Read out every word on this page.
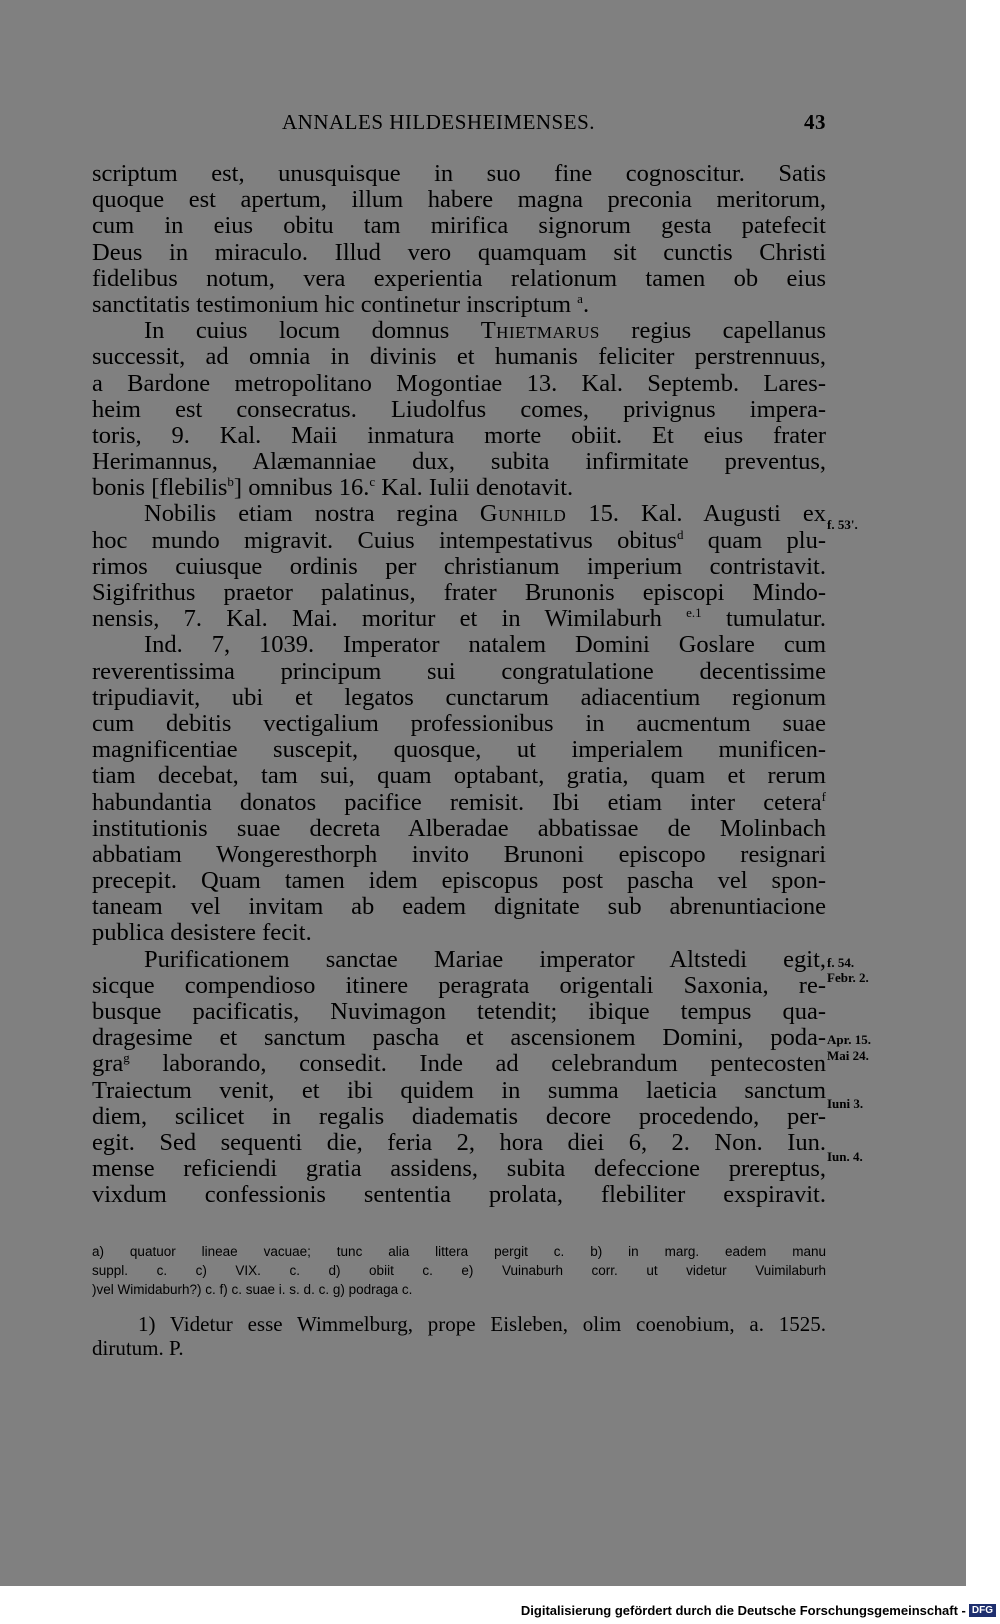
ANNALES HILDESHEIMENSES.	43
scriptum est, unusquisque in suo fine cognoscitur. Satis
quoque est apertum, illum habere magna preconia meritorum,
cum in eius obitu tam mirifica signorum gesta patefecit
Deus in miraculo. Illud vero quamquam sit cunctis Christi
fidelibus notum, vera experientia relationum tamen ob eius
sanctitatis testimonium hic continetur inscriptum $^a$.
In cuius locum domnus Thietmarus regius capellanus
successit, ad omnia in divinis et humanis feliciter perstrennuus,
a Bardone metropolitano Mogontiae 13. Kal. Septemb. Lares-
heim est consecratus. Liudolfus comes, privignus impera-
toris, 9. Kal. Maii inmatura morte obiit. Et eius frater
Herimannus, Alæmanniae dux, subita infirmitate preventus,
bonis [flebilis$^b$] omnibus 16.$^c$ Kal. Iulii denotavit.
Nobilis etiam nostra regina Gunhild 15. Kal. Augusti ex
hoc mundo migravit. Cuius intempestativus obitus$^d$ quam plu-
rimos cuiusque ordinis per christianum imperium contristavit.
Sigifrithus praetor palatinus, frater Brunonis episcopi Mindo-
nensis, 7. Kal. Mai. moritur et in Wimilaburh $^{e.1}$ tumulatur.
Ind. 7, 1039. Imperator natalem Domini Goslare cum
reverentissima principum sui congratulatione decentissime
tripudiavit, ubi et legatos cunctarum adiacentium regionum
cum debitis vectigalium professionibus in aucmentum suae
magnificentiae suscepit, quosque, ut imperialem munificen-
tiam decebat, tam sui, quam optabant, gratia, quam et rerum
habundantia donatos pacifice remisit. Ibi etiam inter cetera$^f$
institutionis suae decreta Alberadae abbatissae de Molinbach
abbatiam Wongeresthorph invito Brunoni episcopo resignari
precepit. Quam tamen idem episcopus post pascha vel spon-
taneam vel invitam ab eadem dignitate sub abrenuntiacione
publica desistere fecit.
Purificationem sanctae Mariae imperator Altstedi egit,
sicque compendioso itinere peragrata origentali Saxonia, re-
busque pacificatis, Nuvimagon tetendit; ibique tempus qua-
dragesime et sanctum pascha et ascensionem Domini, poda-
gra$^g$ laborando, consedit. Inde ad celebrandum pentecosten
Traiectum venit, et ibi quidem in summa laeticia sanctum
diem, scilicet in regalis diadematis decore procedendo, per-
egit. Sed sequenti die, feria 2, hora diei 6, 2. Non. Iun.
mense reficiendi gratia assidens, subita defeccione prereptus,
vixdum confessionis sententia prolata, flebiliter exspiravit.
f. 53'.
f. 54.
Febr. 2.
Apr. 15.
Mai 24.
Iuni 3.
Iun. 4.
a) quatuor lineae vacuae; tunc alia littera pergit c. b) in marg. eadem manu
suppl. c. c) VIX. c. d) obiit c. e) Vuinaburh corr. ut videtur Vuimilaburh
)vel Wimidaburh?) c. f) c. suae i. s. d. c. g) podraga c.
1) Videtur esse Wimmelburg, prope Eisleben, olim coenobium, a. 1525.
dirutum. P.
Digitalisierung gefördert durch die Deutsche Forschungsgemeinschaft - DFG
